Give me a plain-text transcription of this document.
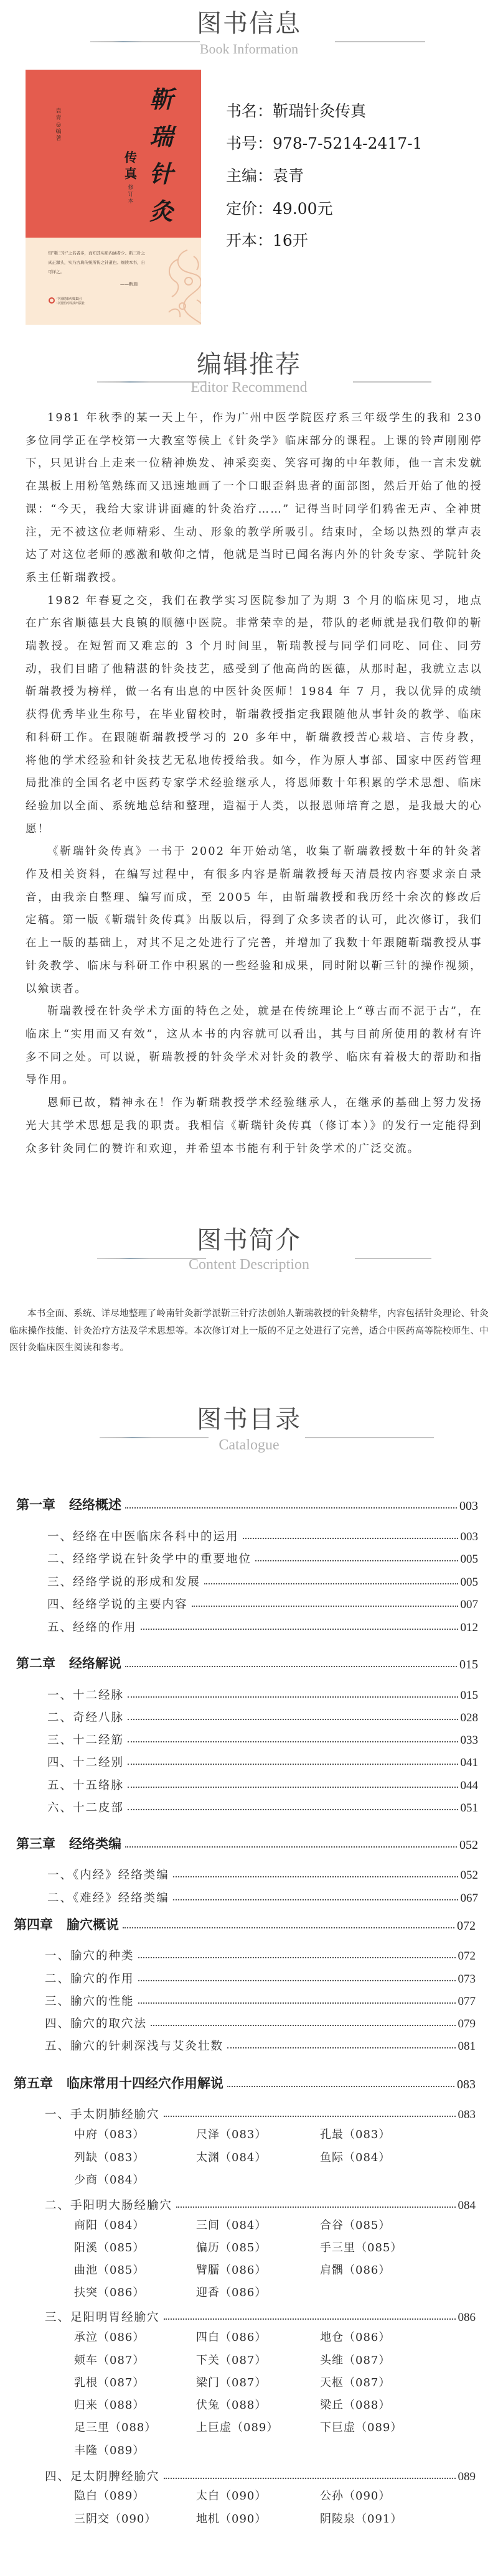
图书信息
Book Information
袁青◎编著
靳瑞针灸
传真
修订本
知“靳三针”之名者多，而知其实质内涵者少。靳三针之真正源头，实乃古典传统所传之针道也。细读本书，自可详之。
——靳瑞
中国健康传媒集团
中国医药科技出版社
书名：靳瑞针灸传真
书号：978-7-5214-2417-1
主编：袁青
定价：49.00元
开本：16开
编辑推荐
Editor Recommend

1981 年秋季的某一天上午，作为广州中医学院医疗系三年级学生的我和 230 多位同学正在学校第一大教室等候上《针灸学》临床部分的课程。上课的铃声刚刚停下，只见讲台上走来一位精神焕发、神采奕奕、笑容可掬的中年教师，他一言未发就在黑板上用粉笔熟练而又迅速地画了一个口眼歪斜患者的面部图，然后开始了他的授课：“今天，我给大家讲讲面瘫的针灸治疗……” 记得当时同学们鸦雀无声、全神贯注，无不被这位老师精彩、生动、形象的教学所吸引。结束时，全场以热烈的掌声表达了对这位老师的感激和敬仰之情，他就是当时已闻名海内外的针灸专家、学院针灸系主任靳瑞教授。

1982 年春夏之交，我们在教学实习医院参加了为期 3 个月的临床见习，地点在广东省顺德县大良镇的顺德中医院。非常荣幸的是，带队的老师就是我们敬仰的靳瑞教授。在短暂而又难忘的 3 个月时间里，靳瑞教授与同学们同吃、同住、同劳动，我们目睹了他精湛的针灸技艺，感受到了他高尚的医德，从那时起，我就立志以靳瑞教授为榜样，做一名有出息的中医针灸医师！1984 年 7 月，我以优异的成绩获得优秀毕业生称号，在毕业留校时，靳瑞教授指定我跟随他从事针灸的教学、临床和科研工作。在跟随靳瑞教授学习的 20 多年中，靳瑞教授苦心栽培、言传身教，将他的学术经验和针灸技艺无私地传授给我。如今，作为原人事部、国家中医药管理局批准的全国名老中医药专家学术经验继承人，将恩师数十年积累的学术思想、临床经验加以全面、系统地总结和整理，造福于人类，以报恩师培育之恩，是我最大的心愿！

《靳瑞针灸传真》一书于 2002 年开始动笔，收集了靳瑞教授数十年的针灸著作及相关资料，在编写过程中，有很多内容是靳瑞教授每天清晨按内容要求亲自录音，由我亲自整理、编写而成，至 2005 年，由靳瑞教授和我历经十余次的修改后定稿。第一版《靳瑞针灸传真》出版以后，得到了众多读者的认可，此次修订，我们在上一版的基础上，对其不足之处进行了完善，并增加了我数十年跟随靳瑞教授从事针灸教学、临床与科研工作中积累的一些经验和成果，同时附以靳三针的操作视频，以飨读者。

靳瑞教授在针灸学术方面的特色之处，就是在传统理论上“尊古而不泥于古”，在临床上“实用而又有效”，这从本书的内容就可以看出，其与目前所使用的教材有许多不同之处。可以说，靳瑞教授的针灸学术对针灸的教学、临床有着极大的帮助和指导作用。

恩师已故，精神永在！作为靳瑞教授学术经验继承人，在继承的基础上努力发扬光大其学术思想是我的职责。我相信《靳瑞针灸传真（修订本）》的发行一定能得到众多针灸同仁的赞许和欢迎，并希望本书能有利于针灸学术的广泛交流。

图书简介
Content Description

本书全面、系统、详尽地整理了岭南针灸新学派靳三针疗法创始人靳瑞教授的针灸精华，内容包括针灸理论、针灸临床操作技能、针灸治疗方法及学术思想等。本次修订对上一版的不足之处进行了完善，适合中医药高等院校师生、中医针灸临床医生阅读和参考。

图书目录
Catalogue
第一章 经络概述	003
一、经络在中医临床各科中的运用	003
二、经络学说在针灸学中的重要地位	005
三、经络学说的形成和发展	005
四、经络学说的主要内容	007
五、经络的作用	012
第二章 经络解说	015
一、十二经脉	015
二、奇经八脉	028
三、十二经筋	033
四、十二经别	041
五、十五络脉	044
六、十二皮部	051
第三章 经络类编	052
一、《内经》经络类编	052
二、《难经》经络类编	067
第四章 腧穴概说	072
一、腧穴的种类	072
二、腧穴的作用	073
三、腧穴的性能	077
四、腧穴的取穴法	079
五、腧穴的针刺深浅与艾灸壮数	081
第五章 临床常用十四经穴作用解说	083
一、手太阴肺经腧穴	083
中府（083）	尺泽（083）	孔最（083）
列缺（083）	太渊（084）	鱼际（084）
少商（084）
二、手阳明大肠经腧穴	084
商阳（084）	三间（084）	合谷（085）
阳溪（085）	偏历（085）	手三里（085）
曲池（085）	臂臑（086）	肩髃（086）
扶突（086）	迎香（086）
三、足阳明胃经腧穴	086
承泣（086）	四白（086）	地仓（086）
颊车（087）	下关（087）	头维（087）
乳根（087）	梁门（087）	天枢（087）
归来（088）	伏兔（088）	梁丘（088）
足三里（088）	上巨虚（089）	下巨虚（089）
丰隆（089）
四、足太阴脾经腧穴	089
隐白（089）	太白（090）	公孙（090）
三阴交（090）	地机（090）	阴陵泉（091）
